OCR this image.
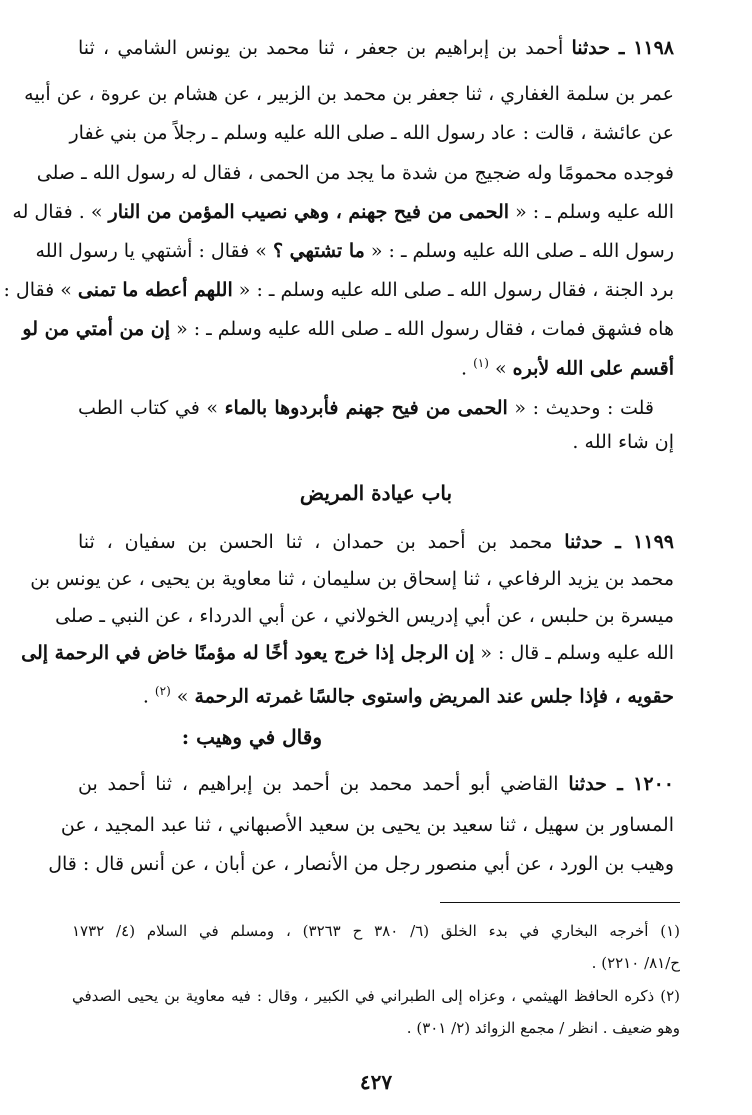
١١٩٨ ـ حدثنا أحمد بن إبراهيم بن جعفر ، ثنا محمد بن يونس الشامي ، ثنا
عمر بن سلمة الغفاري ، ثنا جعفر بن محمد بن الزبير ، عن هشام بن عروة ، عن أبيه
عن عائشة ، قالت : عاد رسول الله ـ صلى الله عليه وسلم ـ رجلاً من بني غفار
فوجده محمومًا وله ضجيج من شدة ما يجد من الحمى ، فقال له رسول الله ـ صلى
الله عليه وسلم ـ : « الحمى من فيح جهنم ، وهي نصيب المؤمن من النار » . فقال له
رسول الله ـ صلى الله عليه وسلم ـ : « ما تشتهي ؟ » فقال : أشتهي يا رسول الله
برد الجنة ، فقال رسول الله ـ صلى الله عليه وسلم ـ : « اللهم أعطه ما تمنى » فقال :
هاه فشهق فمات ، فقال رسول الله ـ صلى الله عليه وسلم ـ : « إن من أمتي من لو
أقسم على الله لأبره » $^{(١)}$ .
قلت : وحديث : « الحمى من فيح جهنم فأبردوها بالماء » في كتاب الطب
إن شاء الله .
باب عيادة المريض
١١٩٩ ـ حدثنا محمد بن أحمد بن حمدان ، ثنا الحسن بن سفيان ، ثنا
محمد بن يزيد الرفاعي ، ثنا إسحاق بن سليمان ، ثنا معاوية بن يحيى ، عن يونس بن
ميسرة بن حلبس ، عن أبي إدريس الخولاني ، عن أبي الدرداء ، عن النبي ـ صلى
الله عليه وسلم ـ قال : « إن الرجل إذا خرج يعود أخًا له مؤمنًا خاض في الرحمة إلى
حقويه ، فإذا جلس عند المريض واستوى جالسًا غمرته الرحمة » $^{(٢)}$ .
وقال في وهيب :
١٢٠٠ ـ حدثنا القاضي أبو أحمد محمد بن أحمد بن إبراهيم ، ثنا أحمد بن
المساور بن سهيل ، ثنا سعيد بن يحيى بن سعيد الأصبهاني ، ثنا عبد المجيد ، عن
وهيب بن الورد ، عن أبي منصور رجل من الأنصار ، عن أبان ، عن أنس قال : قال
(١) أخرجه البخاري في بدء الخلق (٦/ ٣٨٠ ح ٣٢٦٣) ، ومسلم في السلام (٤/ ١٧٣٢
ح/٨١/ ٢٢١٠) .
(٢) ذكره الحافظ الهيثمي ، وعزاه إلى الطبراني في الكبير ، وقال : فيه معاوية بن يحيى الصدفي
وهو ضعيف . انظر / مجمع الزوائد (٢/ ٣٠١) .
٤٢٧
